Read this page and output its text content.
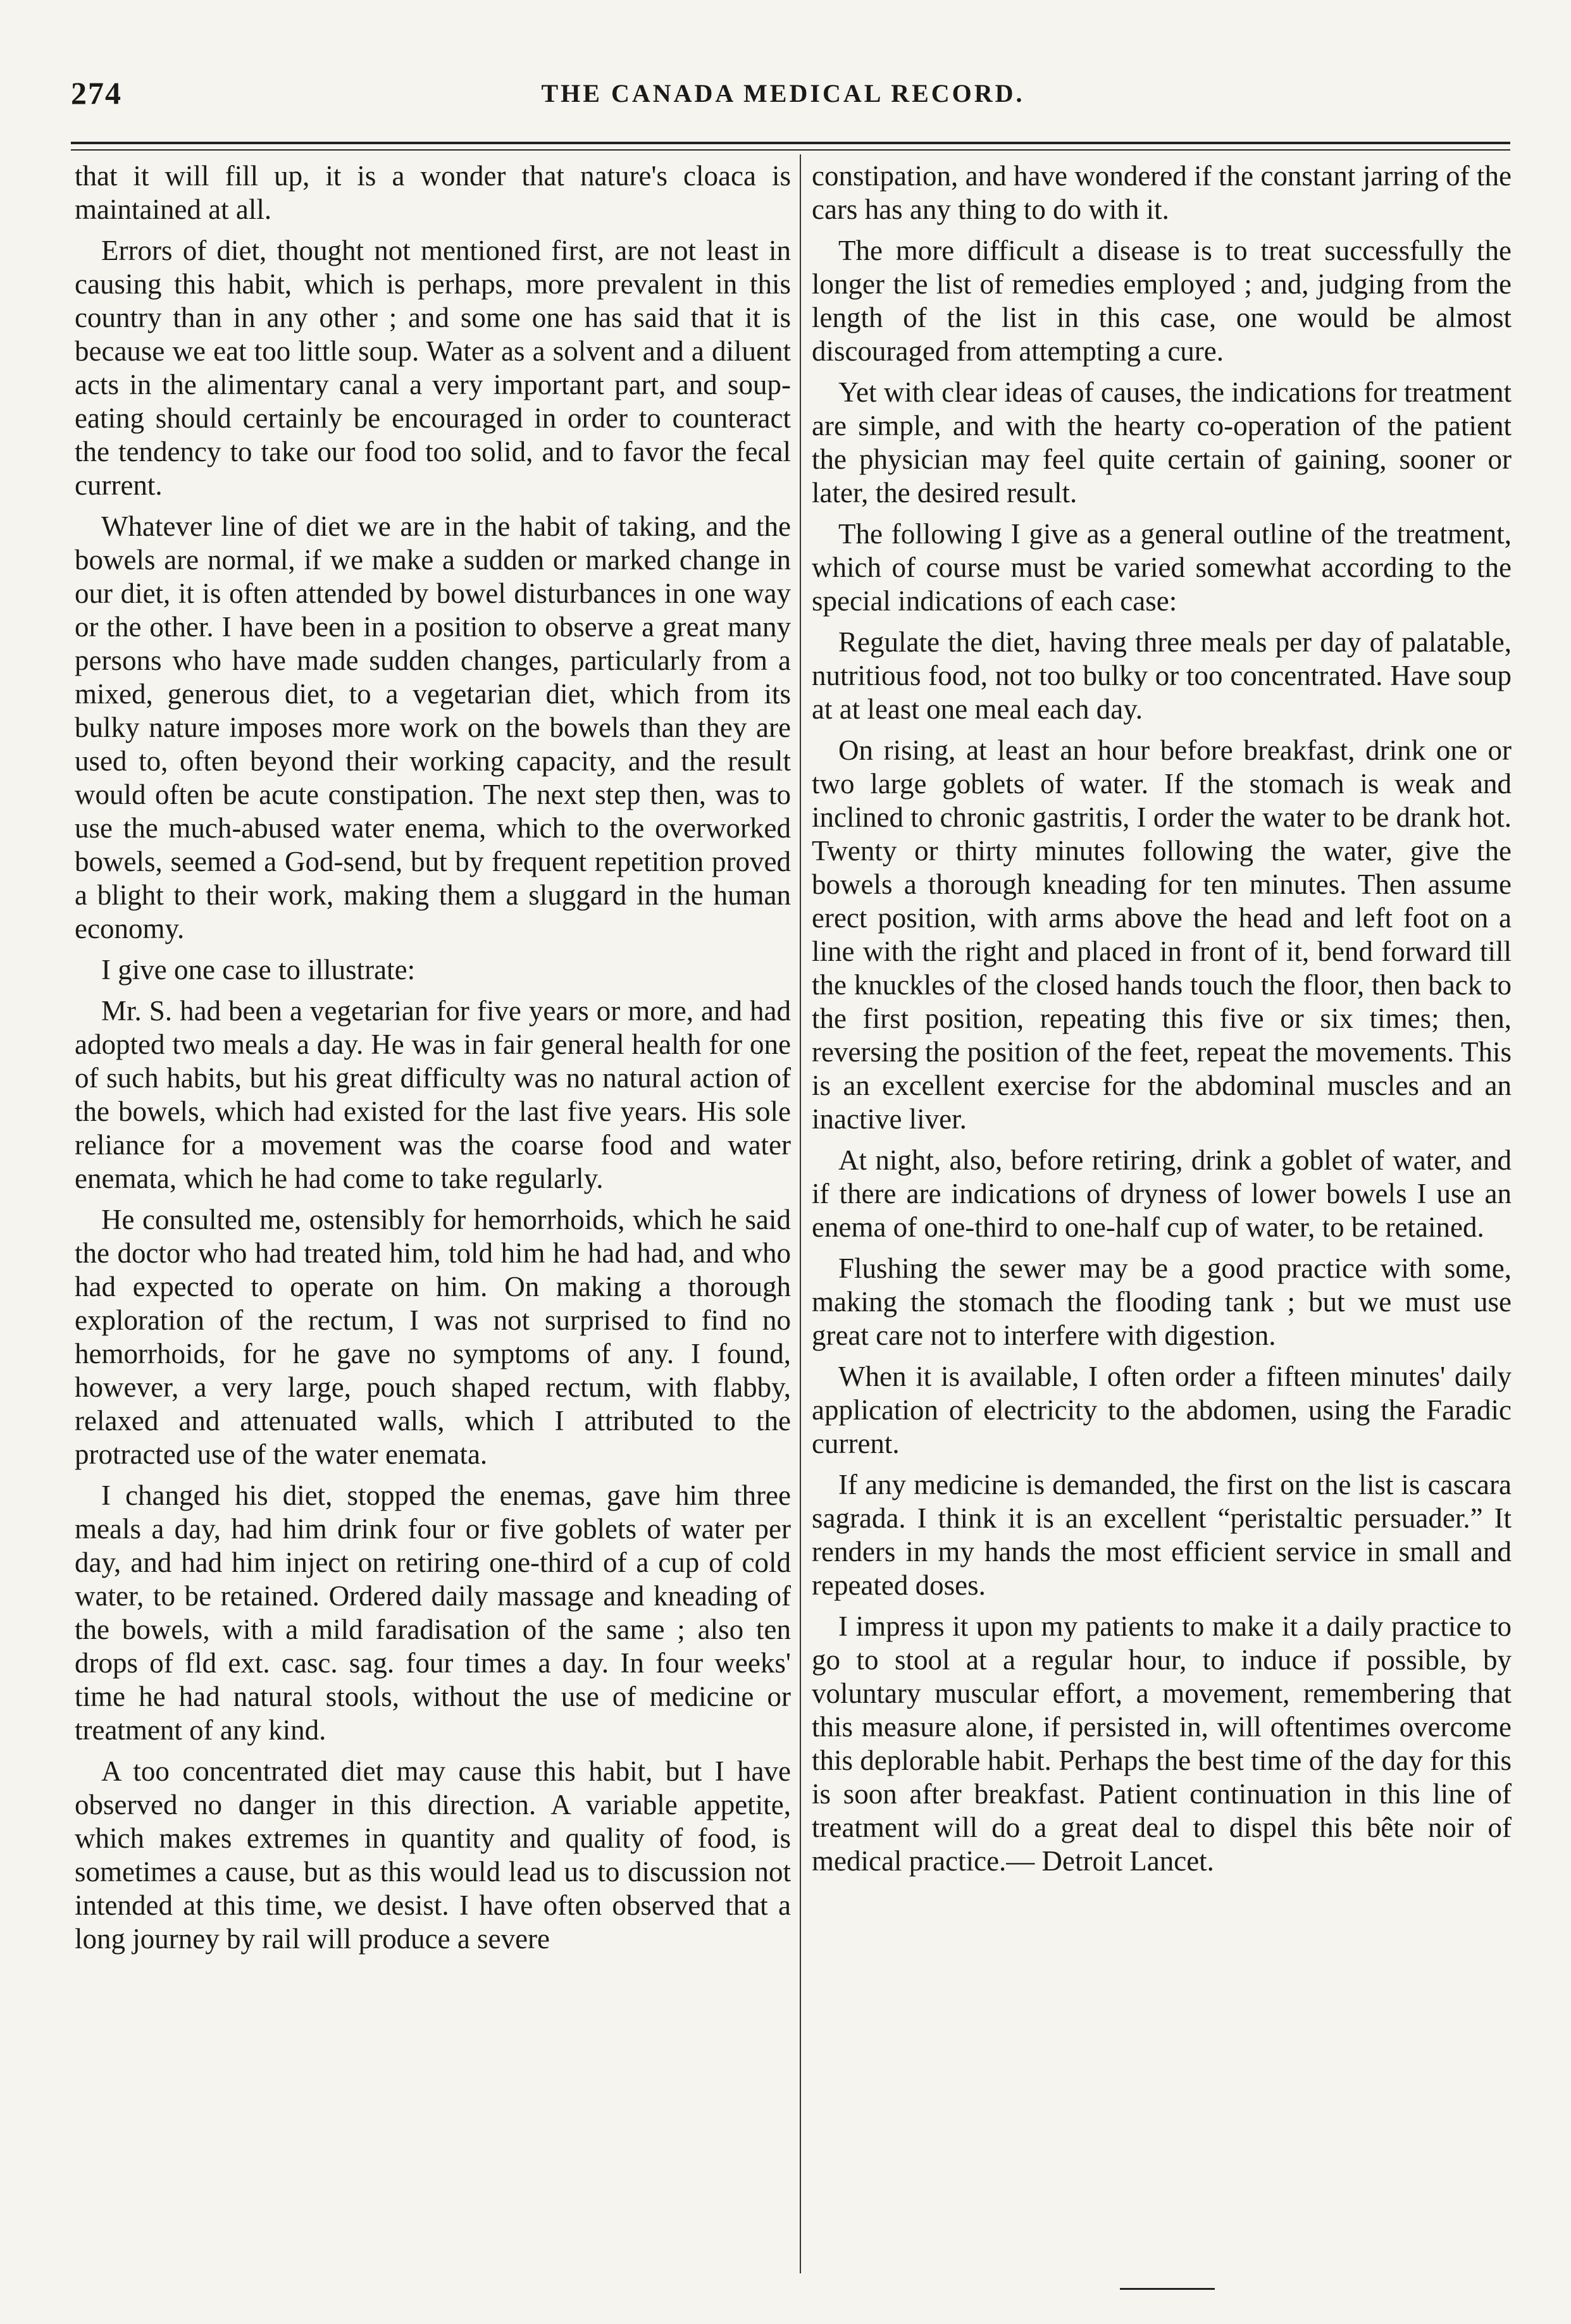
274	THE CANADA MEDICAL RECORD.

that it will fill up, it is a wonder that nature's cloaca is maintained at all.

Errors of diet, thought not mentioned first, are not least in causing this habit, which is perhaps, more prevalent in this country than in any other ; and some one has said that it is because we eat too little soup. Water as a solvent and a diluent acts in the alimentary canal a very important part, and soup-eating should certainly be encouraged in order to counteract the tendency to take our food too solid, and to favor the fecal current.

Whatever line of diet we are in the habit of taking, and the bowels are normal, if we make a sudden or marked change in our diet, it is often attended by bowel disturbances in one way or the other. I have been in a position to observe a great many persons who have made sudden changes, particularly from a mixed, generous diet, to a vegetarian diet, which from its bulky nature imposes more work on the bowels than they are used to, often beyond their working capacity, and the result would often be acute constipation. The next step then, was to use the much-abused water enema, which to the overworked bowels, seemed a God-send, but by frequent repetition proved a blight to their work, making them a sluggard in the human economy.

I give one case to illustrate:

Mr. S. had been a vegetarian for five years or more, and had adopted two meals a day. He was in fair general health for one of such habits, but his great difficulty was no natural action of the bowels, which had existed for the last five years. His sole reliance for a movement was the coarse food and water enemata, which he had come to take regularly.

He consulted me, ostensibly for hemorrhoids, which he said the doctor who had treated him, told him he had had, and who had expected to operate on him. On making a thorough exploration of the rectum, I was not surprised to find no hemorrhoids, for he gave no symptoms of any. I found, however, a very large, pouch shaped rectum, with flabby, relaxed and attenuated walls, which I attributed to the protracted use of the water enemata.

I changed his diet, stopped the enemas, gave him three meals a day, had him drink four or five goblets of water per day, and had him inject on retiring one-third of a cup of cold water, to be retained. Ordered daily massage and kneading of the bowels, with a mild faradisation of the same ; also ten drops of fld ext. casc. sag. four times a day. In four weeks' time he had natural stools, without the use of medicine or treatment of any kind.

A too concentrated diet may cause this habit, but I have observed no danger in this direction. A variable appetite, which makes extremes in quantity and quality of food, is sometimes a cause, but as this would lead us to discussion not intended at this time, we desist. I have often observed that a long journey by rail will produce a severe

constipation, and have wondered if the constant jarring of the cars has any thing to do with it.

The more difficult a disease is to treat successfully the longer the list of remedies employed ; and, judging from the length of the list in this case, one would be almost discouraged from attempting a cure.

Yet with clear ideas of causes, the indications for treatment are simple, and with the hearty co-operation of the patient the physician may feel quite certain of gaining, sooner or later, the desired result.

The following I give as a general outline of the treatment, which of course must be varied somewhat according to the special indications of each case:

Regulate the diet, having three meals per day of palatable, nutritious food, not too bulky or too concentrated. Have soup at at least one meal each day.

On rising, at least an hour before breakfast, drink one or two large goblets of water. If the stomach is weak and inclined to chronic gastritis, I order the water to be drank hot. Twenty or thirty minutes following the water, give the bowels a thorough kneading for ten minutes. Then assume erect position, with arms above the head and left foot on a line with the right and placed in front of it, bend forward till the knuckles of the closed hands touch the floor, then back to the first position, repeating this five or six times; then, reversing the position of the feet, repeat the movements. This is an excellent exercise for the abdominal muscles and an inactive liver.

At night, also, before retiring, drink a goblet of water, and if there are indications of dryness of lower bowels I use an enema of one-third to one-half cup of water, to be retained.

Flushing the sewer may be a good practice with some, making the stomach the flooding tank ; but we must use great care not to interfere with digestion.

When it is available, I often order a fifteen minutes' daily application of electricity to the abdomen, using the Faradic current.

If any medicine is demanded, the first on the list is cascara sagrada. I think it is an excellent “peristaltic persuader.” It renders in my hands the most efficient service in small and repeated doses.

I impress it upon my patients to make it a daily practice to go to stool at a regular hour, to induce if possible, by voluntary muscular effort, a movement, remembering that this measure alone, if persisted in, will oftentimes overcome this deplorable habit. Perhaps the best time of the day for this is soon after breakfast. Patient continuation in this line of treatment will do a great deal to dispel this bête noir of medical practice.— Detroit Lancet.
